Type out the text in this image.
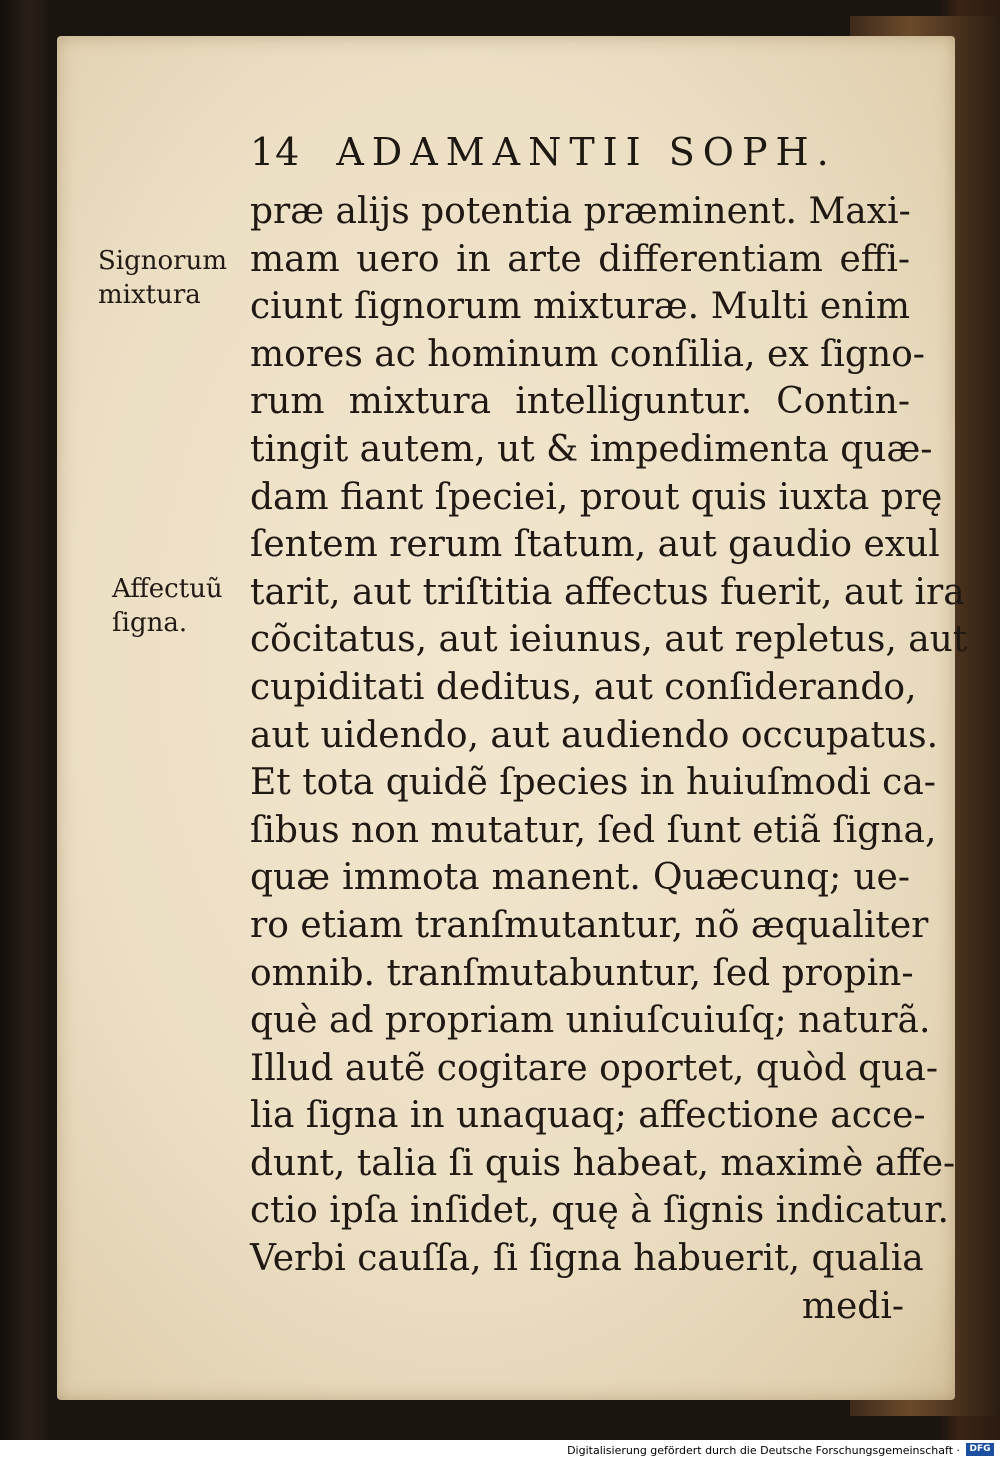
14 ADAMANTII SOPH.
Signorum
mixtura
Affectuũ
ſigna.
præ alijs potentia præminent. Maxi-
mam uero in arte differentiam effi-
ciunt ſignorum mixturæ. Multi enim
mores ac hominum conſilia, ex ſigno-
rum mixtura intelliguntur. Contin-
tingit autem, ut & impedimenta quæ-
dam fiant ſpeciei, prout quis iuxta prę
ſentem rerum ſtatum, aut gaudio exul
tarit, aut triſtitia affectus fuerit, aut ira
cõcitatus, aut ieiunus, aut repletus, aut
cupiditati deditus, aut conſiderando,
aut uidendo, aut audiendo occupatus.
Et tota quidẽ ſpecies in huiuſmodi ca-
ſibus non mutatur, ſed ſunt etiã ſigna,
quæ immota manent. Quæcunq; ue-
ro etiam tranſmutantur, nõ æqualiter
omnib. tranſmutabuntur, ſed propin-
què ad propriam uniuſcuiuſq; naturã.
Illud autẽ cogitare oportet, quòd qua-
lia ſigna in unaquaq; affectione acce-
dunt, talia ſi quis habeat, maximè affe-
ctio ipſa inſidet, quę à ſignis indicatur.
Verbi cauſſa, ſi ſigna habuerit, qualia
medi-
Digitalisierung gefördert durch die Deutsche Forschungsgemeinschaft ·	DFG
